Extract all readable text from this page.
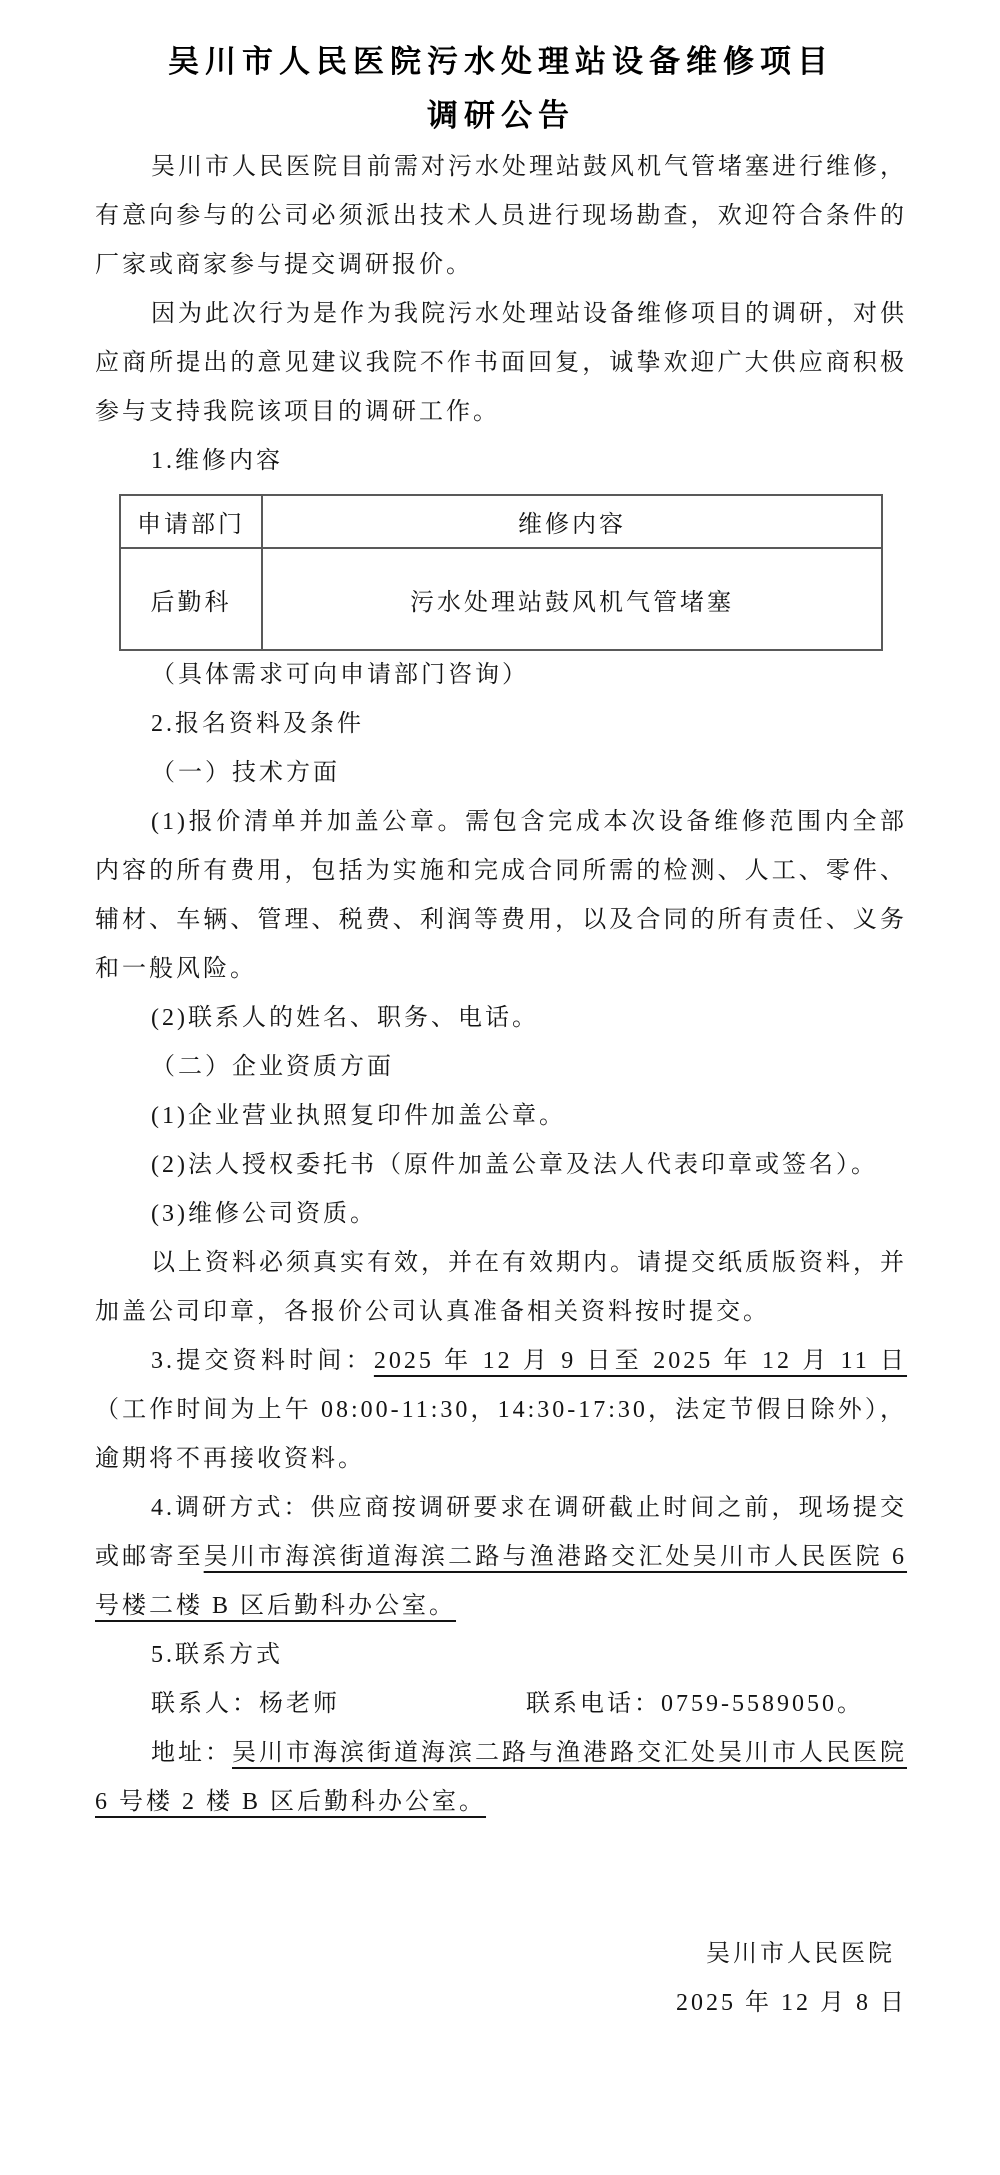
吴川市人民医院污水处理站设备维修项目
调研公告

吴川市人民医院目前需对污水处理站鼓风机气管堵塞进行维修，有意向参与的公司必须派出技术人员进行现场勘查，欢迎符合条件的厂家或商家参与提交调研报价。

因为此次行为是作为我院污水处理站设备维修项目的调研，对供应商所提出的意见建议我院不作书面回复，诚挚欢迎广大供应商积极参与支持我院该项目的调研工作。

1.维修内容

申请部门	维修内容
后勤科	污水处理站鼓风机气管堵塞

（具体需求可向申请部门咨询）

2.报名资料及条件

（一）技术方面

(1)报价清单并加盖公章。需包含完成本次设备维修范围内全部内容的所有费用，包括为实施和完成合同所需的检测、人工、零件、辅材、车辆、管理、税费、利润等费用，以及合同的所有责任、义务和一般风险。

(2)联系人的姓名、职务、电话。

（二）企业资质方面

(1)企业营业执照复印件加盖公章。

(2)法人授权委托书（原件加盖公章及法人代表印章或签名）。

(3)维修公司资质。

以上资料必须真实有效，并在有效期内。请提交纸质版资料，并加盖公司印章，各报价公司认真准备相关资料按时提交。

3.提交资料时间：2025 年 12 月 9 日至 2025 年 12 月 11 日（工作时间为上午 08:00-11:30，14:30-17:30，法定节假日除外），逾期将不再接收资料。

4.调研方式：供应商按调研要求在调研截止时间之前，现场提交或邮寄至吴川市海滨街道海滨二路与渔港路交汇处吴川市人民医院 6 号楼二楼 B 区后勤科办公室。

5.联系方式

联系人：杨老师	联系电话：0759-5589050。

地址：吴川市海滨街道海滨二路与渔港路交汇处吴川市人民医院 6 号楼 2 楼 B 区后勤科办公室。

吴川市人民医院
2025 年 12 月 8 日
